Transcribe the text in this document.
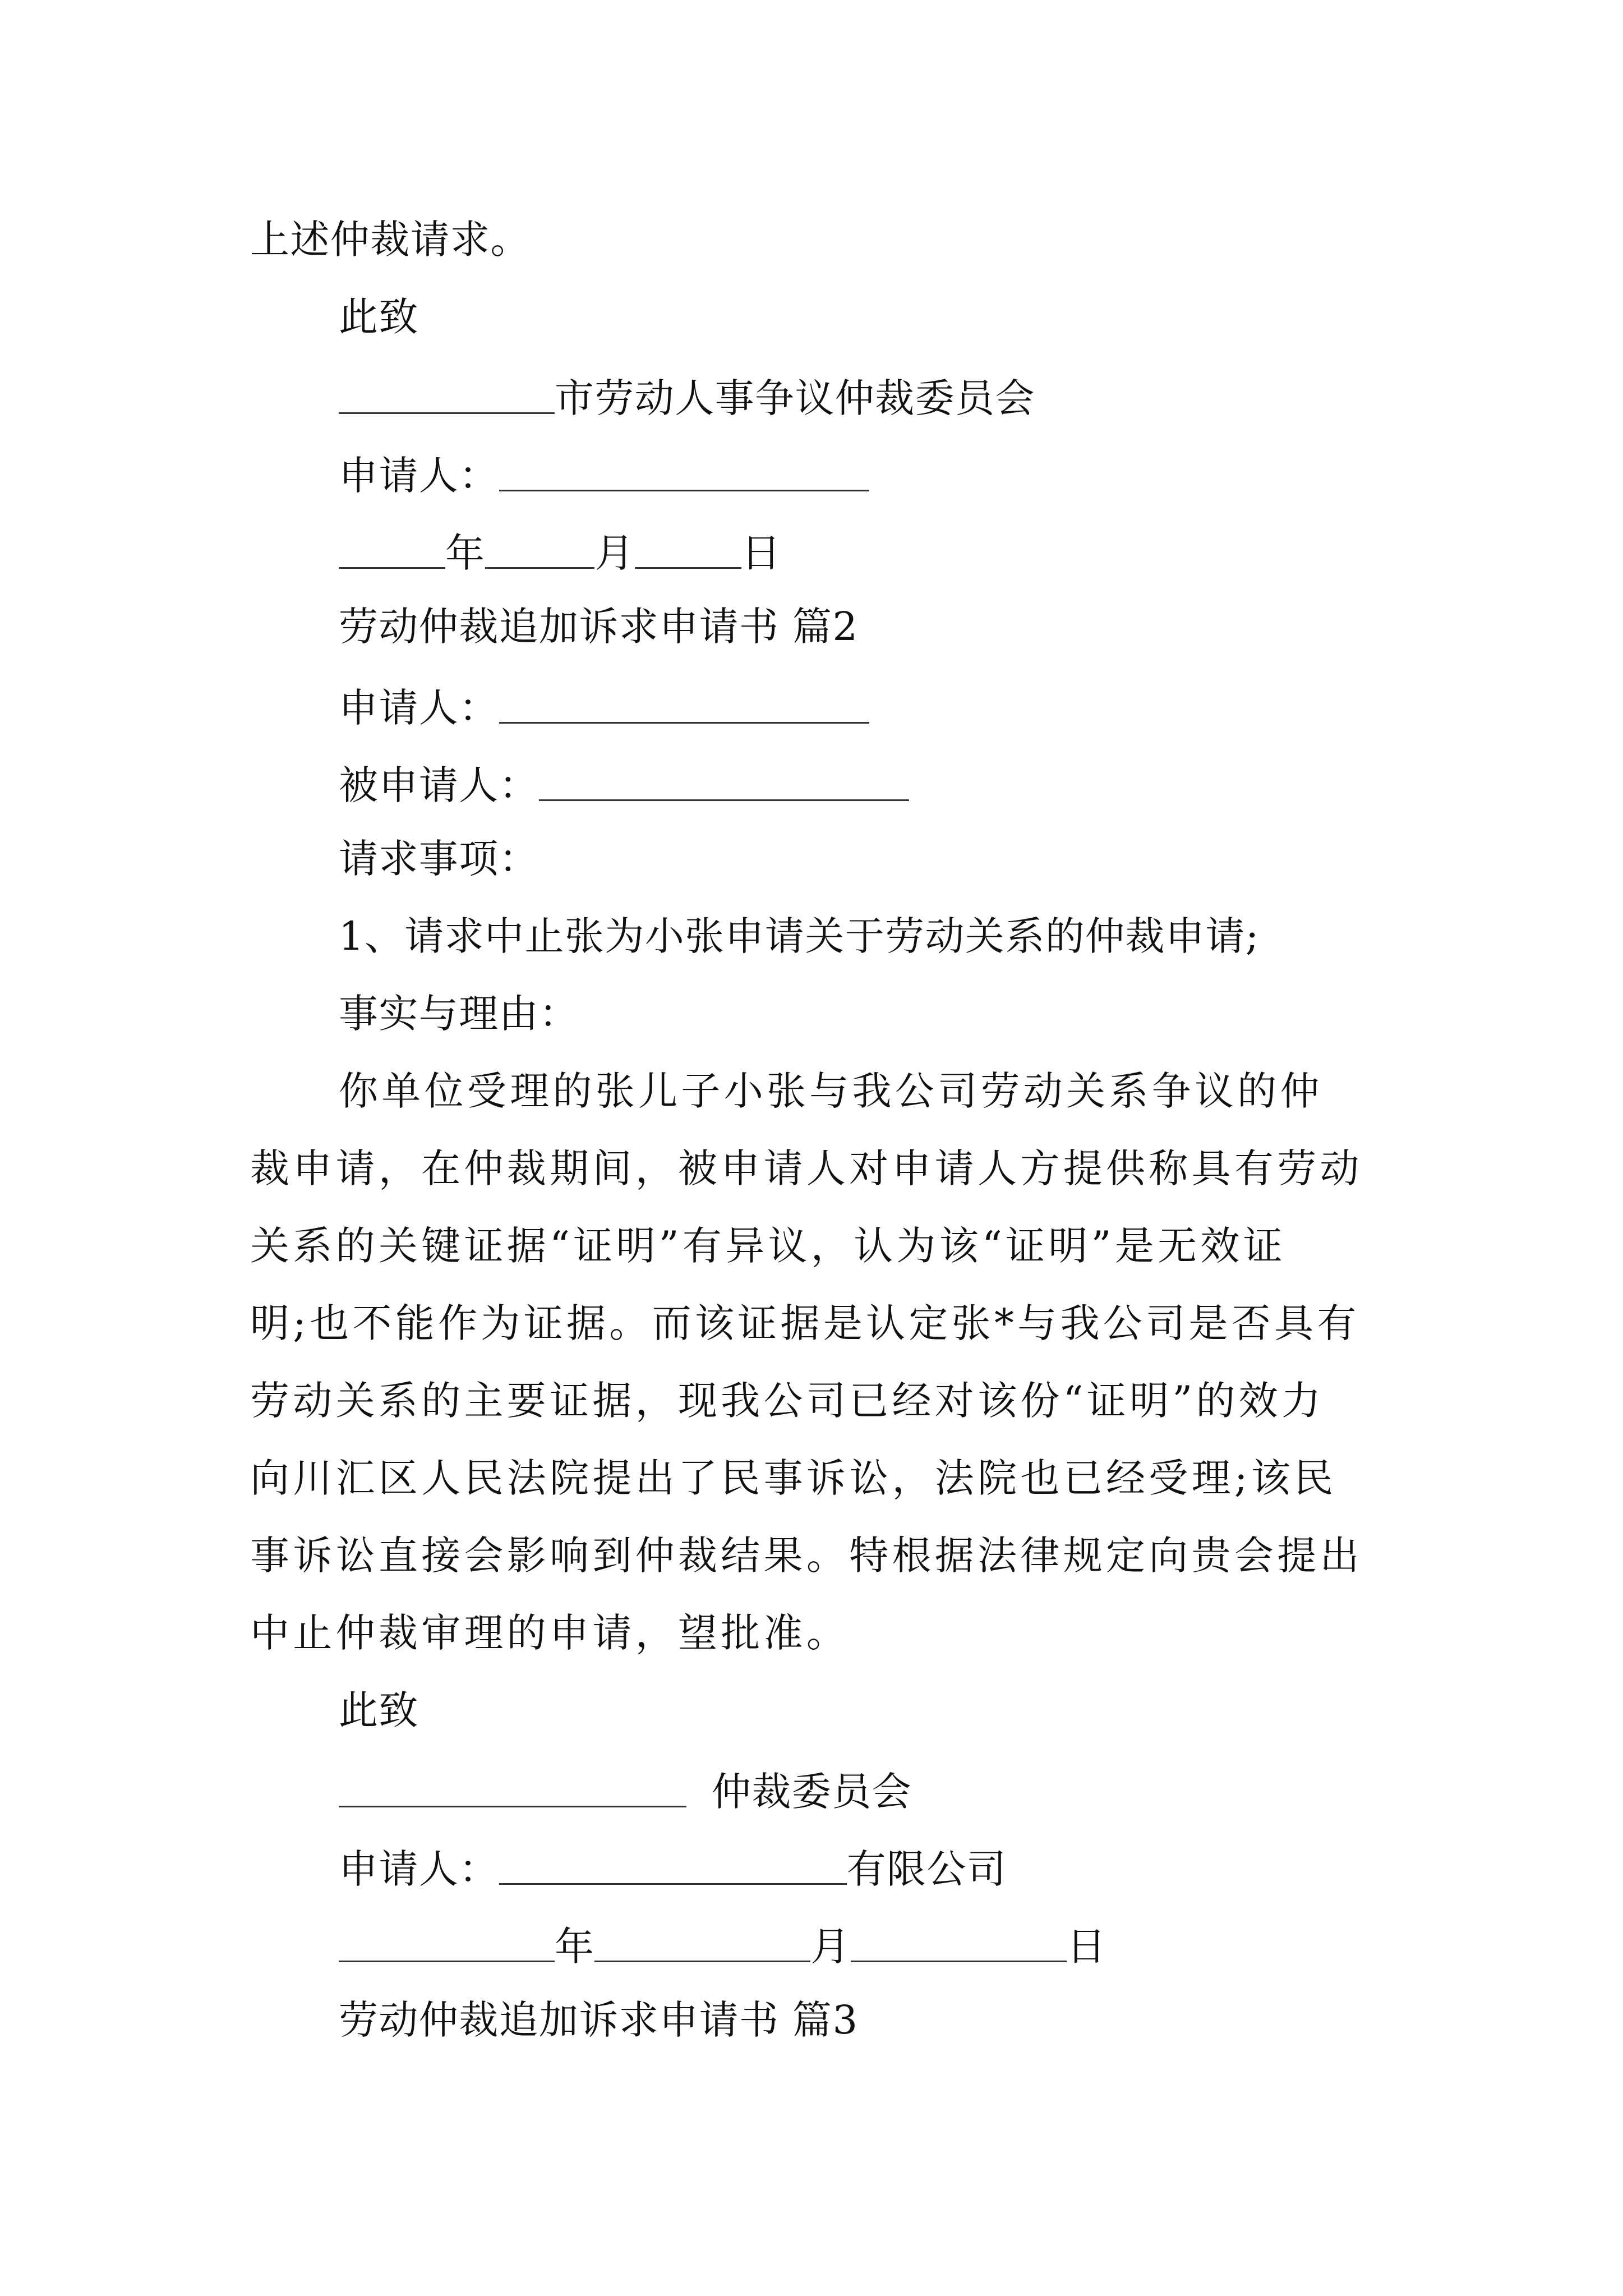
上述仲裁请求。

此致

市劳动人事争议仲裁委员会

申请人：

年	月	日

劳动仲裁追加诉求申请书 篇2

申请人：

被申请人：

请求事项：

1、请求中止张为小张申请关于劳动关系的仲裁申请;

事实与理由：

你单位受理的张儿子小张与我公司劳动关系争议的仲

裁申请，在仲裁期间，被申请人对申请人方提供称具有劳动

关系的关键证据“证明”有异议，认为该“证明”是无效证

明;也不能作为证据。而该证据是认定张*与我公司是否具有

劳动关系的主要证据，现我公司已经对该份“证明”的效力

向川汇区人民法院提出了民事诉讼，法院也已经受理;该民

事诉讼直接会影响到仲裁结果。特根据法律规定向贵会提出

中止仲裁审理的申请，望批准。

此致

仲裁委员会

申请人：	有限公司

年	月	日

劳动仲裁追加诉求申请书 篇3
